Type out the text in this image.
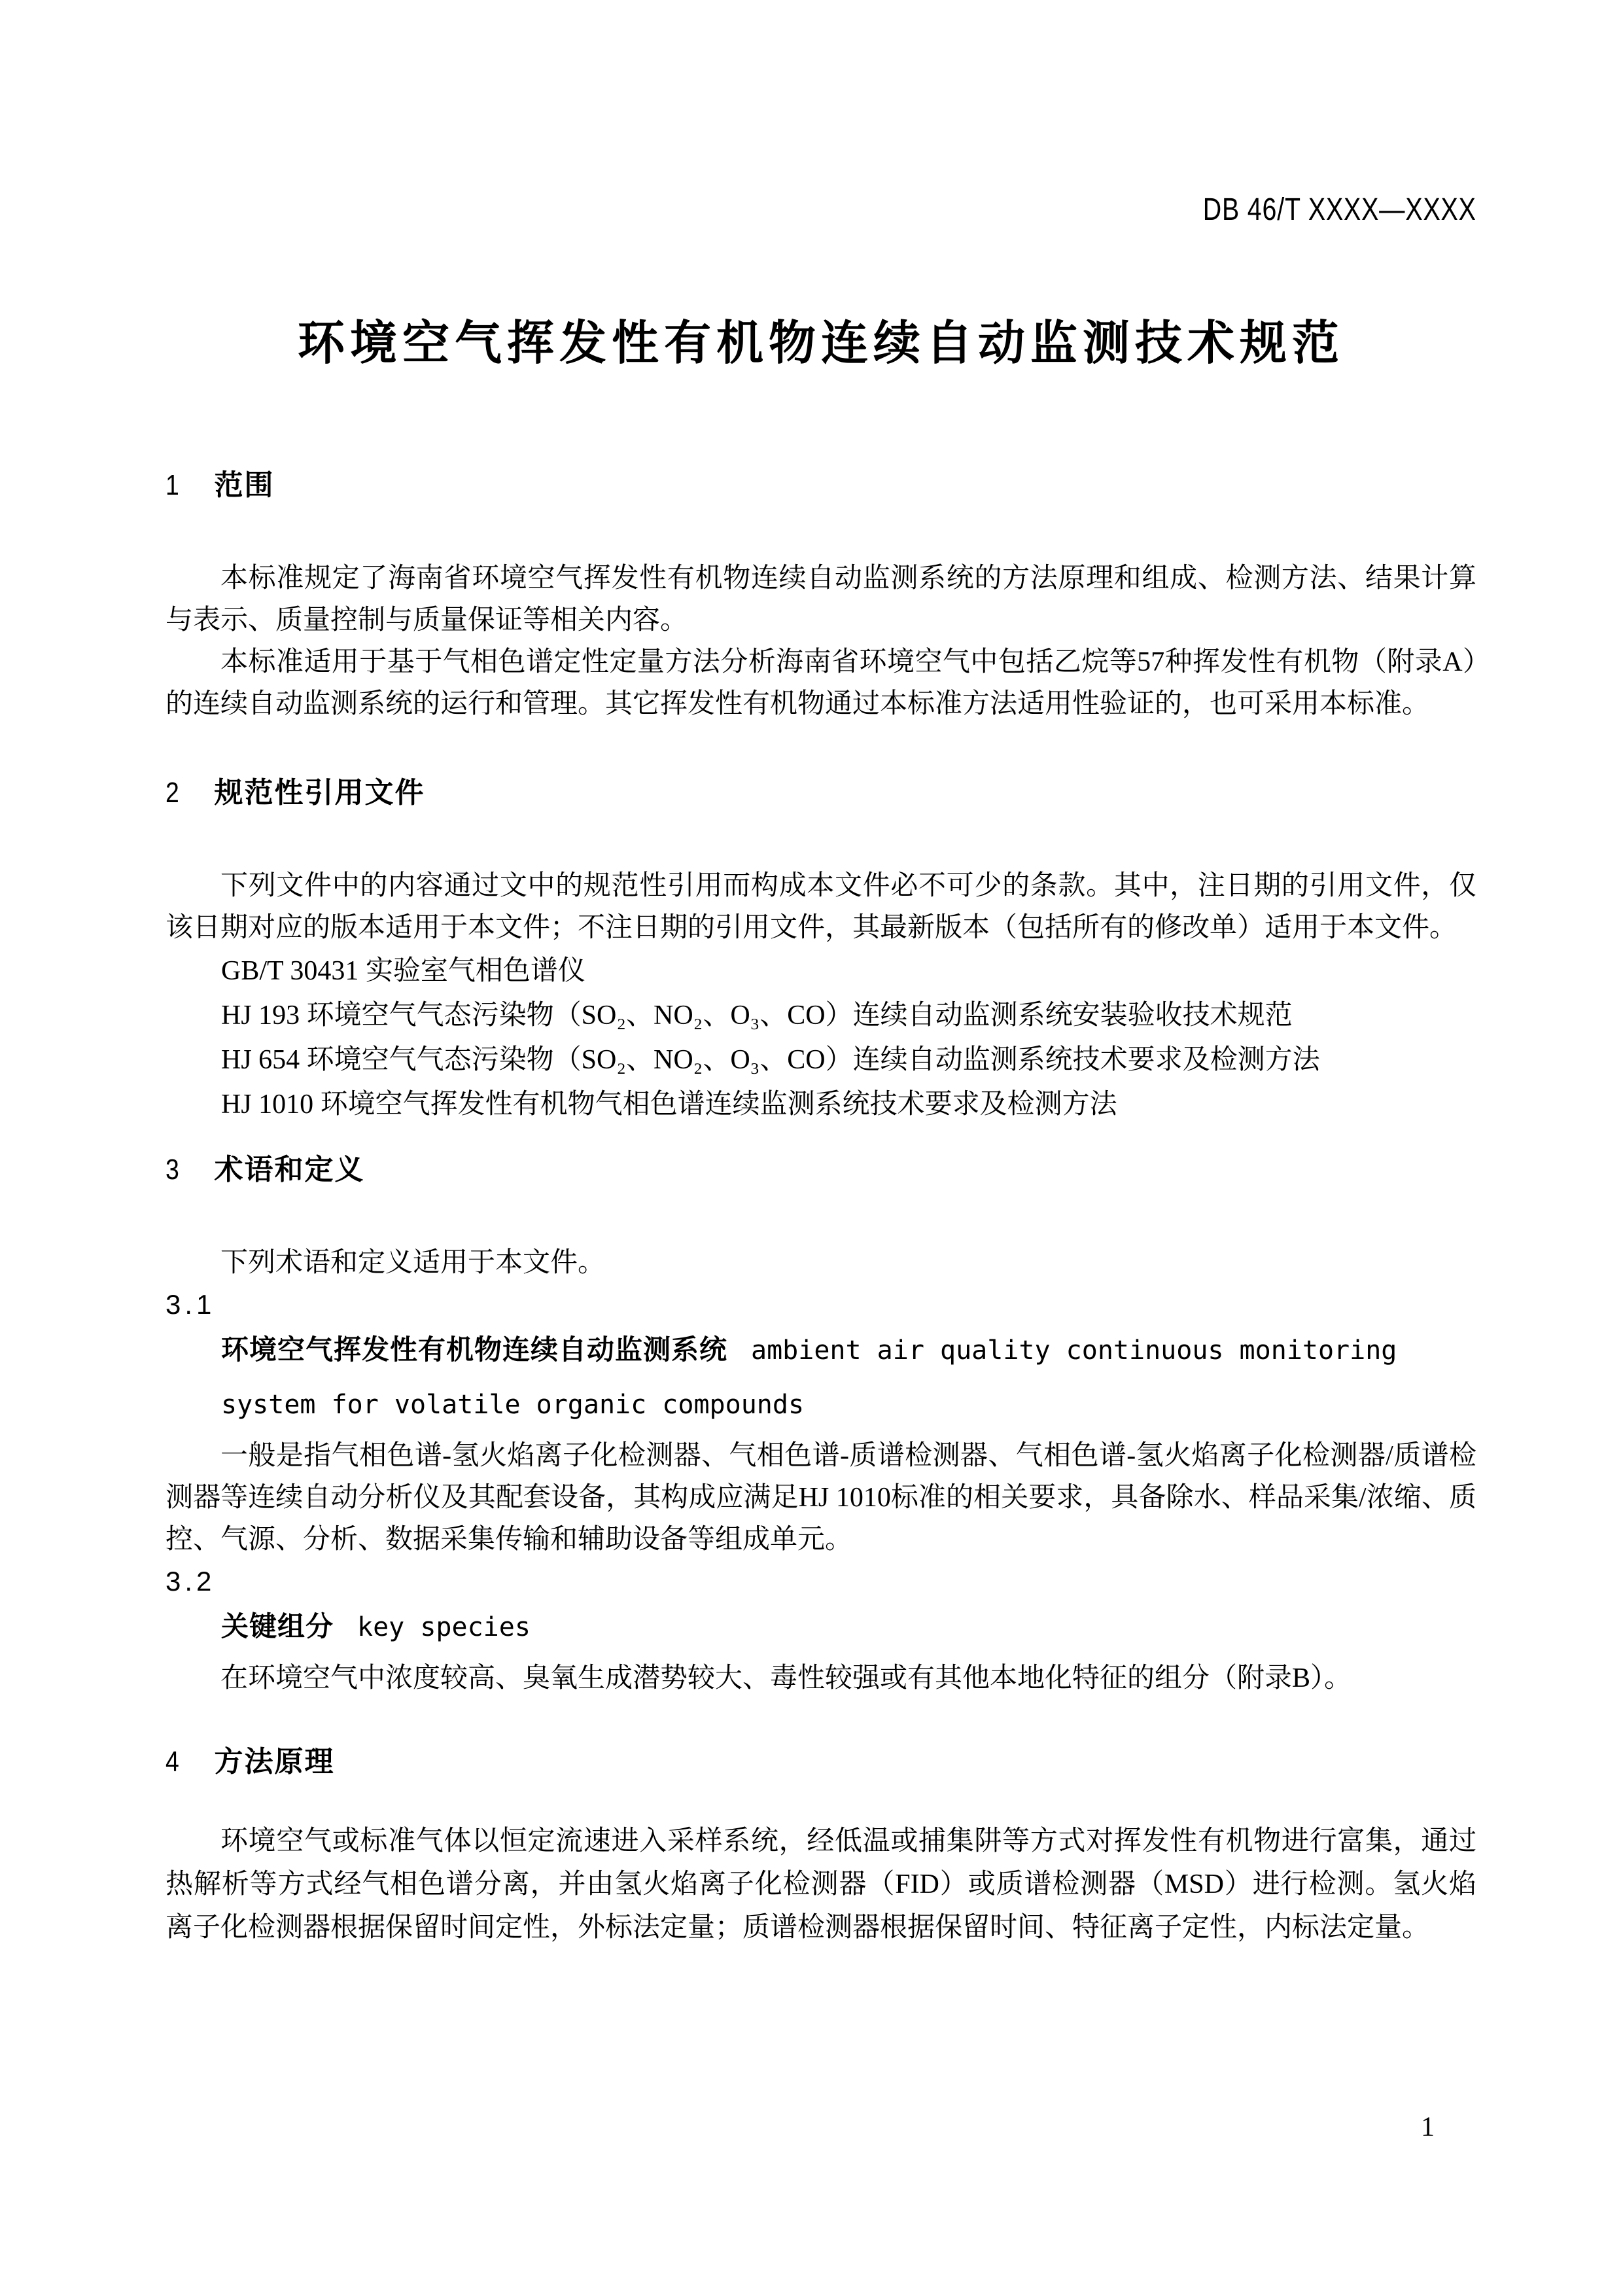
DB 46/T XXXX—XXXX
环境空气挥发性有机物连续自动监测技术规范
1 范围

本标准规定了海南省环境空气挥发性有机物连续自动监测系统的方法原理和组成、检测方法、结果计算与表示、质量控制与质量保证等相关内容。

本标准适用于基于气相色谱定性定量方法分析海南省环境空气中包括乙烷等57种挥发性有机物（附录A）的连续自动监测系统的运行和管理。其它挥发性有机物通过本标准方法适用性验证的，也可采用本标准。

2 规范性引用文件

下列文件中的内容通过文中的规范性引用而构成本文件必不可少的条款。其中，注日期的引用文件，仅该日期对应的版本适用于本文件；不注日期的引用文件，其最新版本（包括所有的修改单）适用于本文件。

GB/T 30431 实验室气相色谱仪
HJ 193 环境空气气态污染物（SO₂、NO₂、O₃、CO）连续自动监测系统安装验收技术规范
HJ 654 环境空气气态污染物（SO₂、NO₂、O₃、CO）连续自动监测系统技术要求及检测方法
HJ 1010 环境空气挥发性有机物气相色谱连续监测系统技术要求及检测方法
3 术语和定义

下列术语和定义适用于本文件。

3.1
环境空气挥发性有机物连续自动监测系统 ambient air quality continuous monitoring system for volatile organic compounds

一般是指气相色谱-氢火焰离子化检测器、气相色谱-质谱检测器、气相色谱-氢火焰离子化检测器/质谱检测器等连续自动分析仪及其配套设备，其构成应满足HJ 1010标准的相关要求，具备除水、样品采集/浓缩、质控、气源、分析、数据采集传输和辅助设备等组成单元。

3.2
关键组分 key species

在环境空气中浓度较高、臭氧生成潜势较大、毒性较强或有其他本地化特征的组分（附录B）。

4 方法原理

环境空气或标准气体以恒定流速进入采样系统，经低温或捕集阱等方式对挥发性有机物进行富集，通过热解析等方式经气相色谱分离，并由氢火焰离子化检测器（FID）或质谱检测器（MSD）进行检测。氢火焰离子化检测器根据保留时间定性，外标法定量；质谱检测器根据保留时间、特征离子定性，内标法定量。

1
